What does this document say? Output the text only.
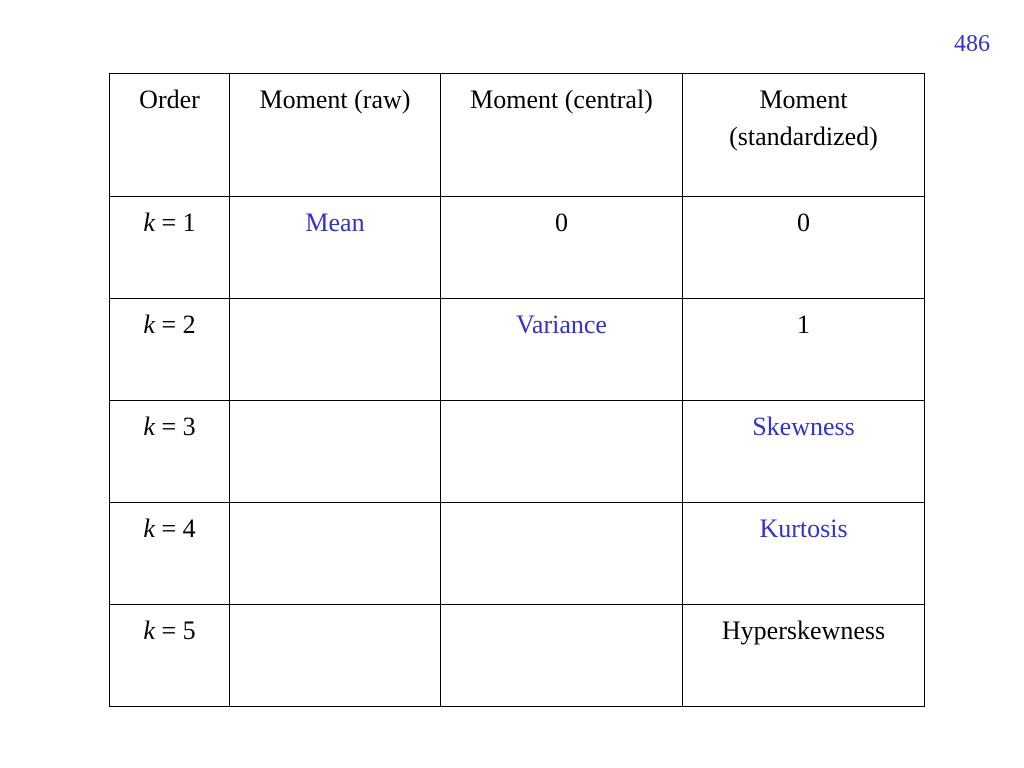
486
Order	Moment (raw)	Moment (central)	Moment
(standardized)
k = 1	Mean	0	0
k = 2		Variance	1
k = 3			Skewness
k = 4			Kurtosis
k = 5			Hyperskewness
